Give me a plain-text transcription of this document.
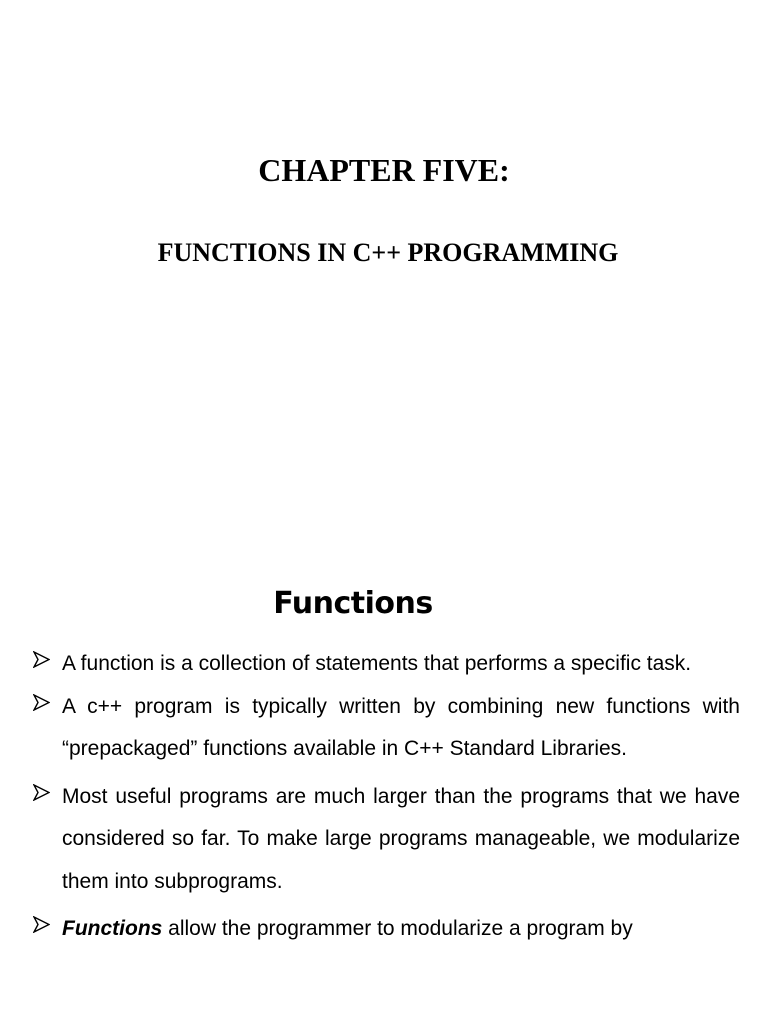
CHAPTER FIVE:
FUNCTIONS IN C++ PROGRAMMING
Functions
A function is a collection of statements that performs a specific task.
A c++ program is typically written by combining new functions with “prepackaged” functions available in C++ Standard Libraries.
Most useful programs are much larger than the programs that we have considered so far. To make large programs manageable, we modularize them into subprograms.
Functions allow the programmer to modularize a program by
